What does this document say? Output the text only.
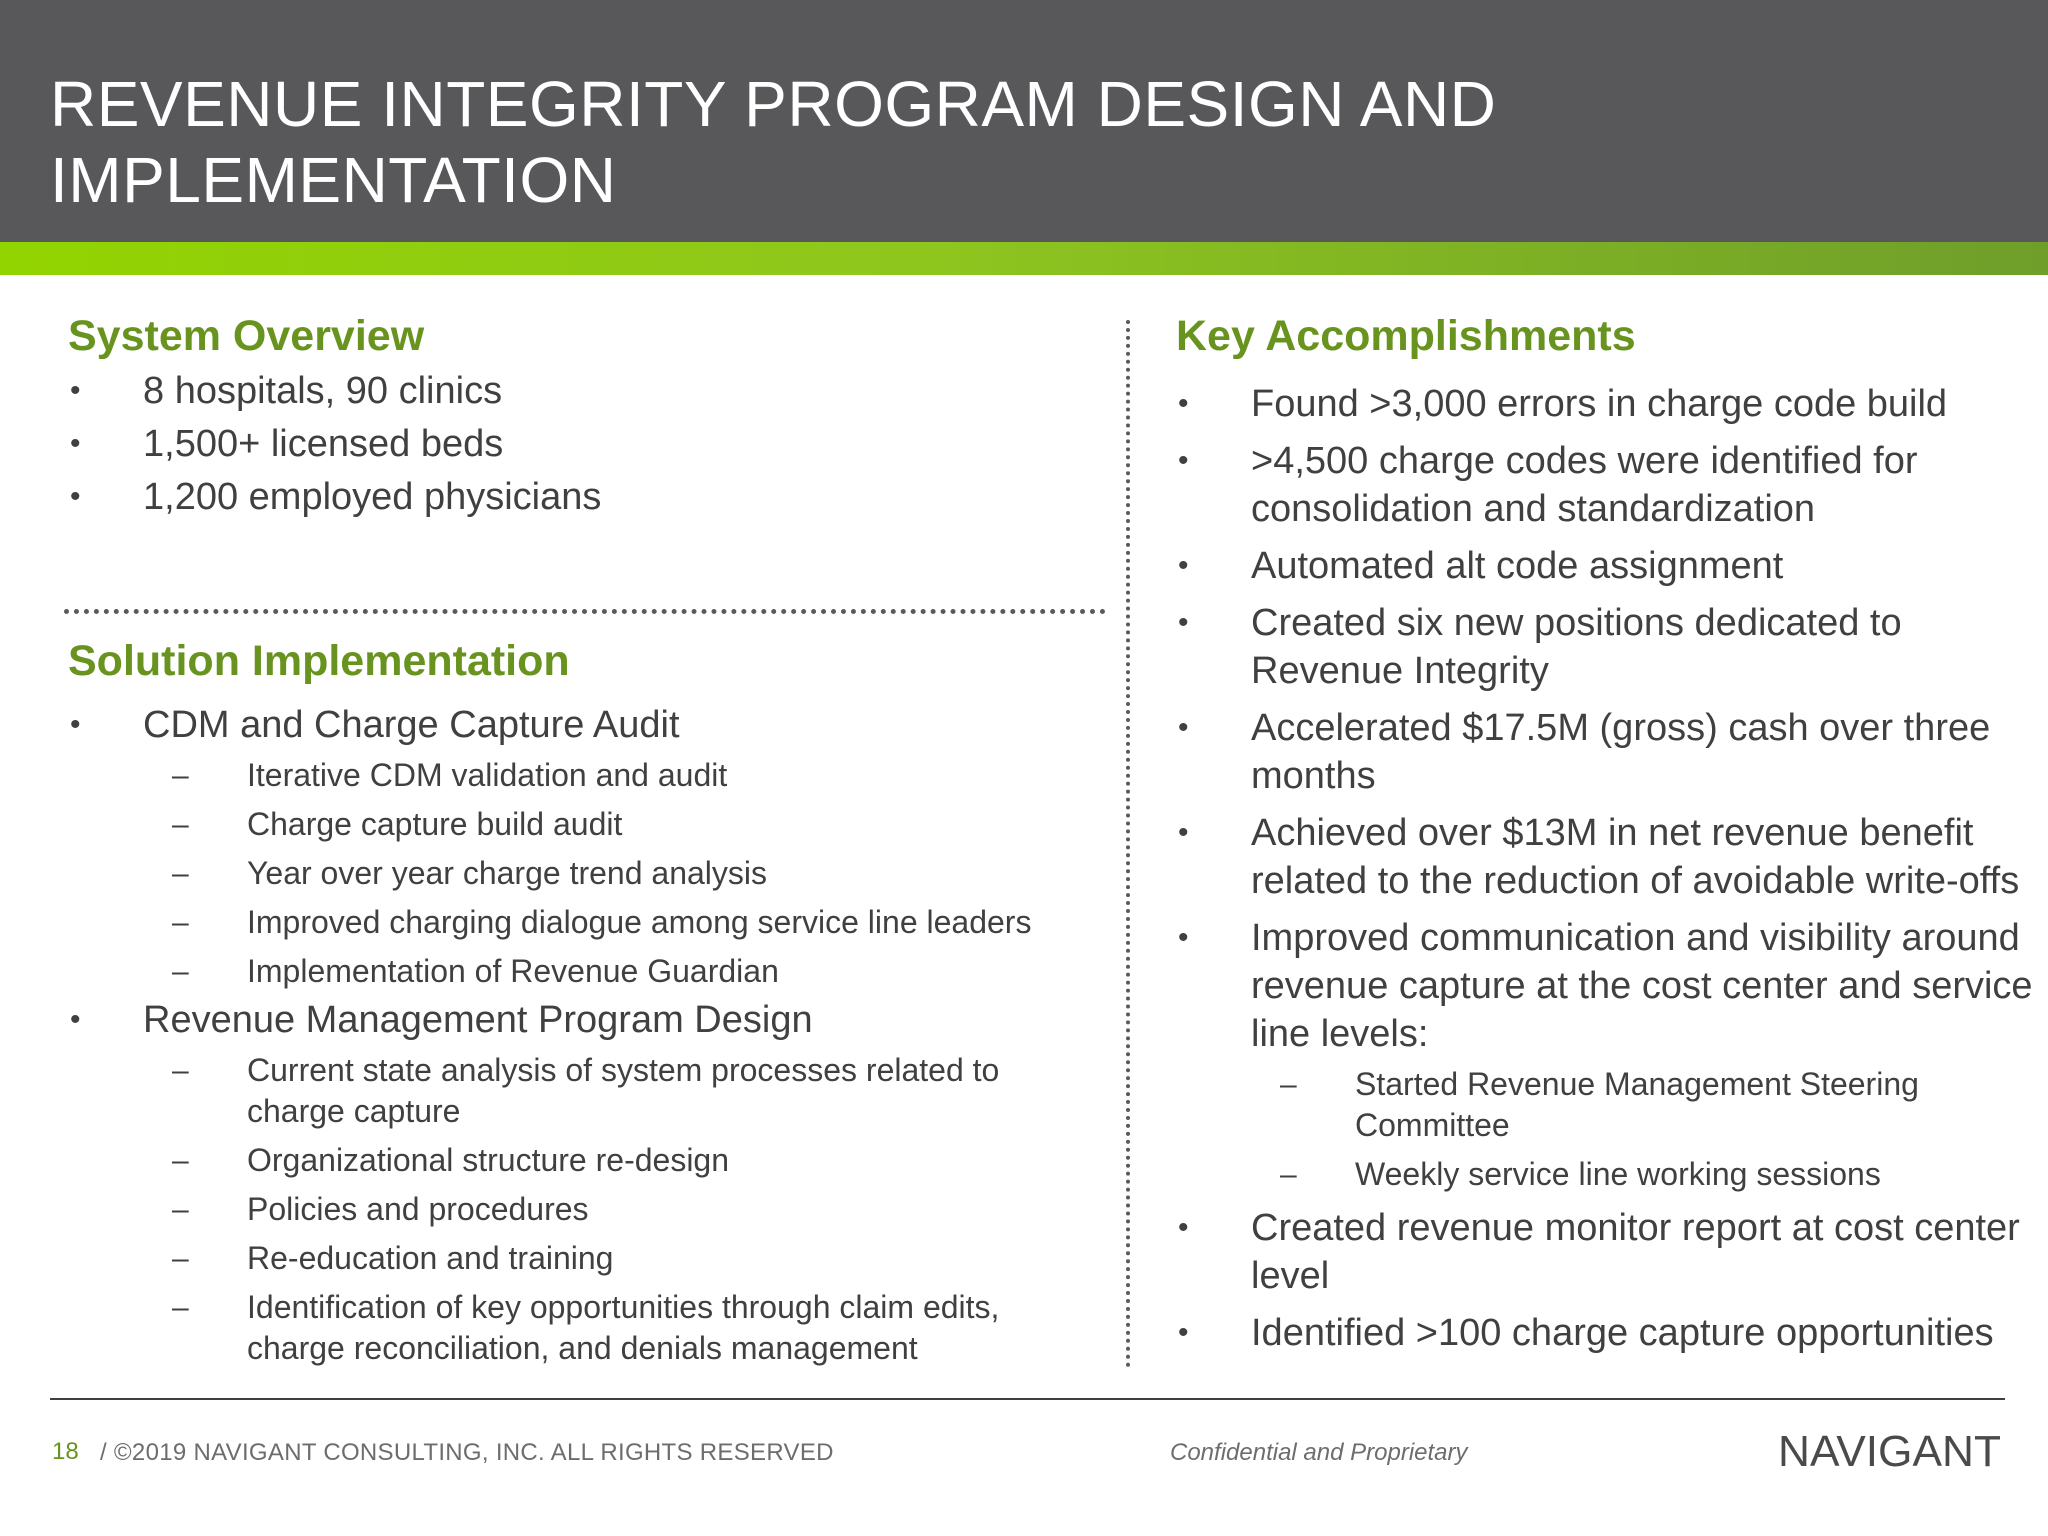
REVENUE INTEGRITY PROGRAM DESIGN AND
IMPLEMENTATION
System Overview
• 8 hospitals, 90 clinics
• 1,500+ licensed beds
• 1,200 employed physicians
Solution Implementation
• CDM and Charge Capture Audit
– Iterative CDM validation and audit
– Charge capture build audit
– Year over year charge trend analysis
– Improved charging dialogue among service line leaders
– Implementation of Revenue Guardian
• Revenue Management Program Design
– Current state analysis of system processes related to charge capture
– Organizational structure re-design
– Policies and procedures
– Re-education and training
– Identification of key opportunities through claim edits, charge reconciliation, and denials management
Key Accomplishments
• Found >3,000 errors in charge code build
• >4,500 charge codes were identified for consolidation and standardization
• Automated alt code assignment
• Created six new positions dedicated to Revenue Integrity
• Accelerated $17.5M (gross) cash over three months
• Achieved over $13M in net revenue benefit related to the reduction of avoidable write-offs
• Improved communication and visibility around revenue capture at the cost center and service line levels:
– Started Revenue Management Steering Committee
– Weekly service line working sessions
• Created revenue monitor report at cost center level
• Identified >100 charge capture opportunities
18 / ©2019 NAVIGANT CONSULTING, INC. ALL RIGHTS RESERVED	Confidential and Proprietary	NAVIGANT
